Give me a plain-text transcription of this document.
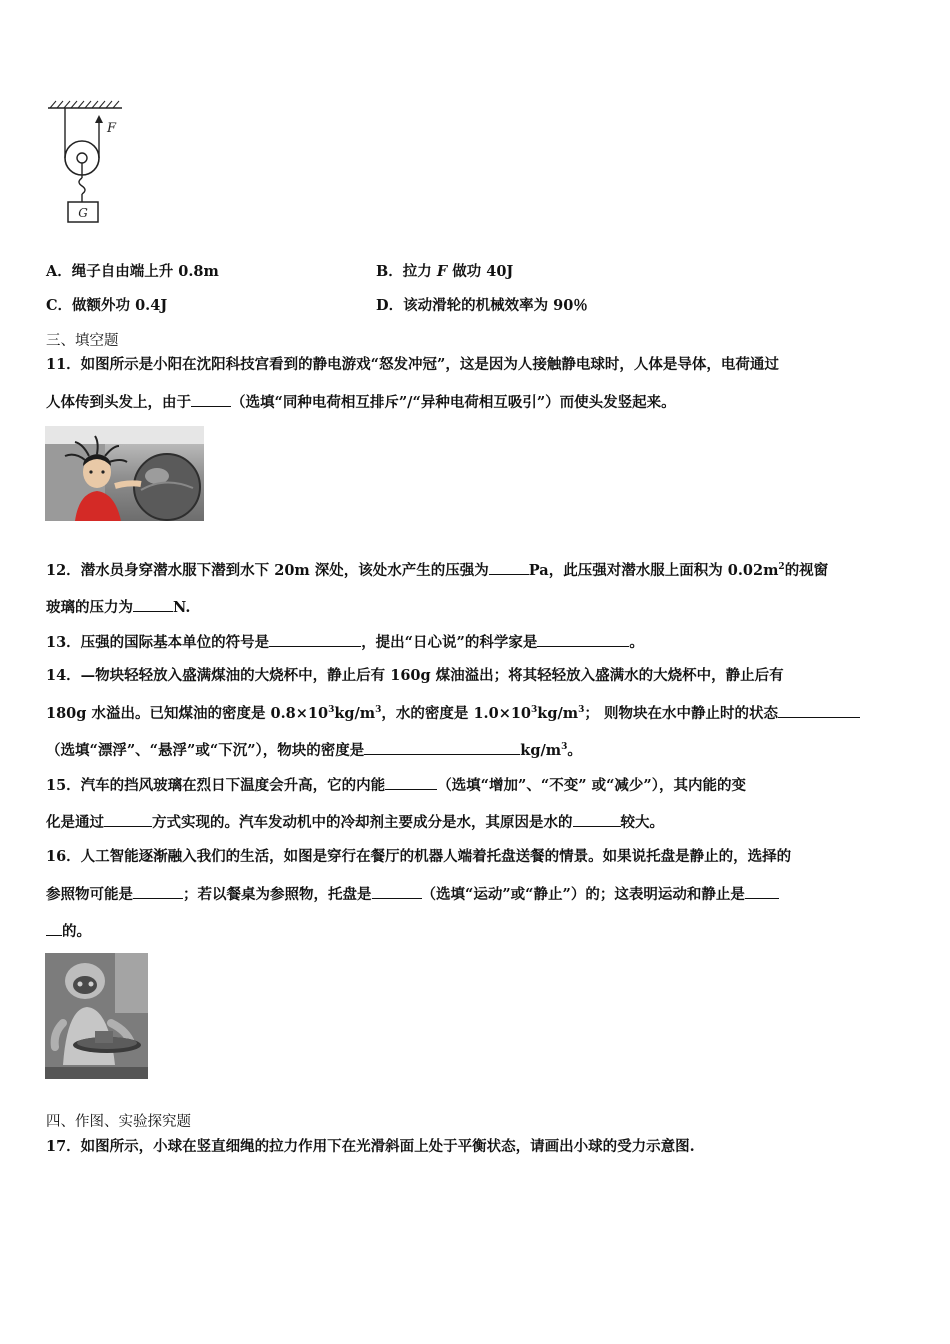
G
F
A．绳子自由端上升 0.8m	B．拉力 F 做功 40J
C．做额外功 0.4J	D．该动滑轮的机械效率为 90％
三、填空题
11．如图所示是小阳在沈阳科技宫看到的静电游戏“怒发冲冠”，这是因为人接触静电球时，人体是导体，电荷通过
人体传到头发上，由于	（选填“同种电荷相互排斥”/“异种电荷相互吸引”）而使头发竖起来。
12．潜水员身穿潜水服下潜到水下 20m 深处，该处水产生的压强为	Pa，此压强对潜水服上面积为 $0.02m^2$的视窗
玻璃的压力为	N.
13．压强的国际基本单位的符号是	，提出“日心说”的科学家是	。
14．—物块轻轻放入盛满煤油的大烧杯中，静止后有 160g 煤油溢出；将其轻轻放入盛满水的大烧杯中，静止后有
180g 水溢出。已知煤油的密度是 $0.8\times 10^3kg/m^3$，水的密度是 $1.0\times 10^3kg/m^3$； 则物块在水中静止时的状态
（选填“漂浮”、“悬浮”或“下沉”），物块的密度是	$kg/m^3$。
15．汽车的挡风玻璃在烈日下温度会升高，它的内能	（选填“增加”、“不变” 或“减少”），其内能的变
化是通过	方式实现的。汽车发动机中的冷却剂主要成分是水，其原因是水的	较大。
16．人工智能逐渐融入我们的生活，如图是穿行在餐厅的机器人端着托盘送餐的情景。如果说托盘是静止的，选择的
参照物可能是	；若以餐桌为参照物，托盘是	（选填“运动”或“静止”）的；这表明运动和静止是
的。
四、作图、实验探究题
17．如图所示，小球在竖直细绳的拉力作用下在光滑斜面上处于平衡状态，请画出小球的受力示意图.
